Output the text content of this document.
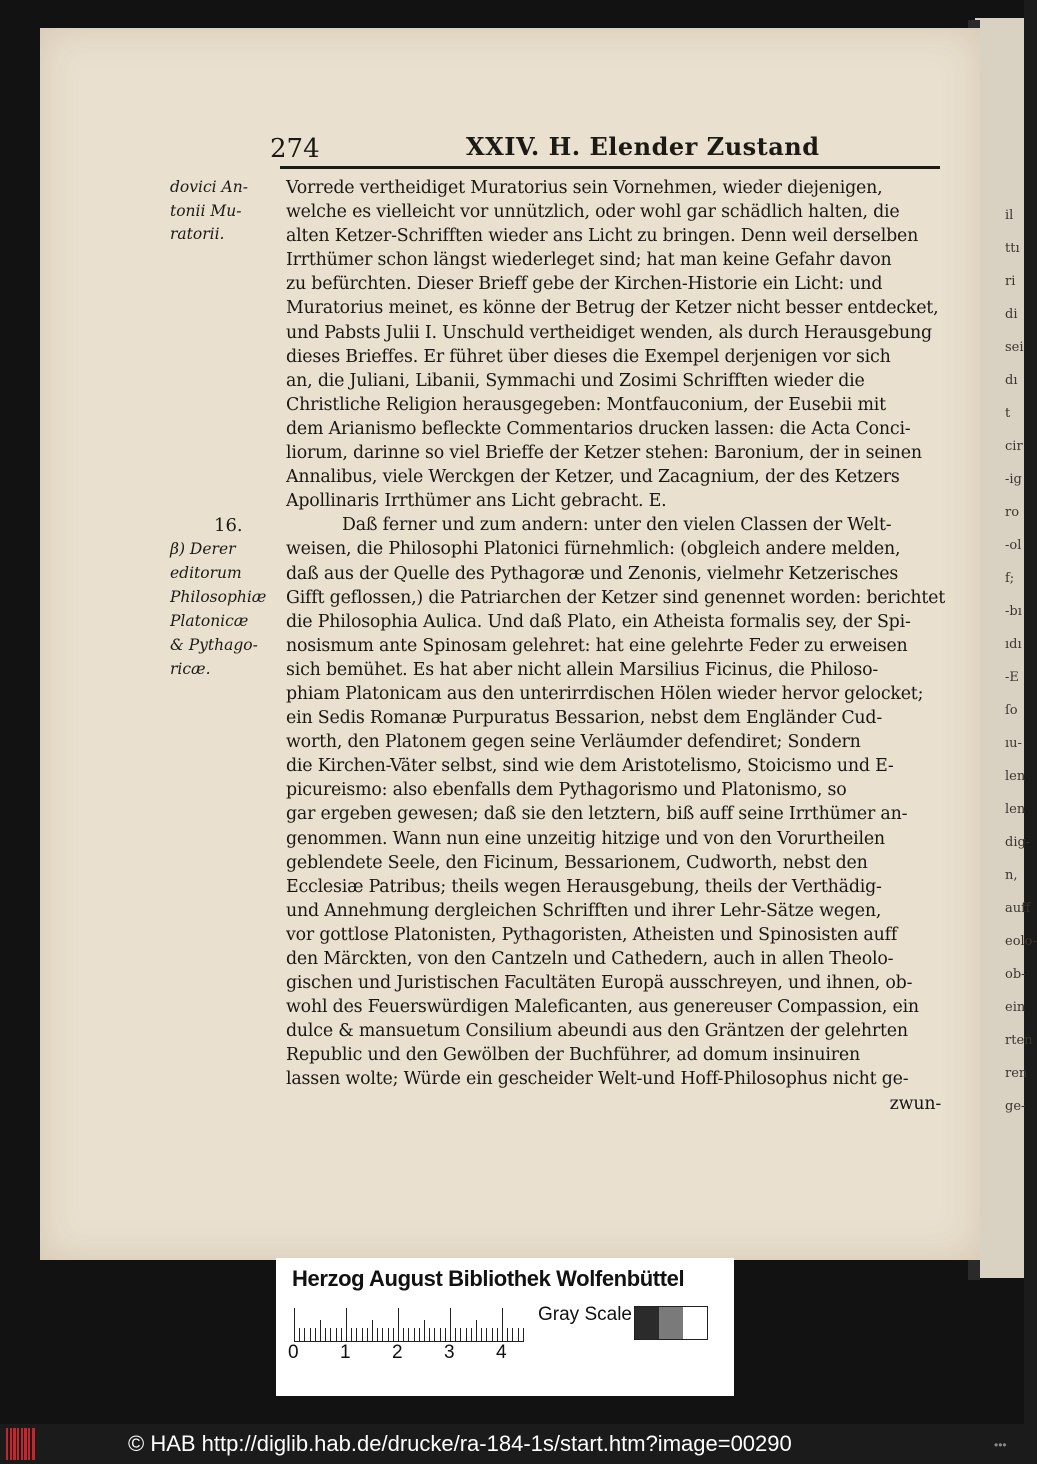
il
ttı
ri
di
sei
dı
t
cir
-ig
ro
-ol
f;
-bı
ıdı
-E
ſo
ıu-
len
len
dig-
n,
auff
eolo-
ob-
ein
rten
ren
ge-
274	XXIV. H. Elender Zustand

dovici An-

tonii Mu-

ratorii.

16.

β) Derer

editorum

Philosophiæ

Platonicæ

& Pythago-

ricæ.

Vorrede vertheidiget Muratorius sein Vornehmen, wieder diejenigen,
welche es vielleicht vor unnützlich, oder wohl gar schädlich halten, die
alten Ketzer-Schrifften wieder ans Licht zu bringen. Denn weil derselben
Irrthümer schon längst wiederleget sind; hat man keine Gefahr davon
zu befürchten. Dieser Brieff gebe der Kirchen-Historie ein Licht: und
Muratorius meinet, es könne der Betrug der Ketzer nicht besser entdecket,
und Pabsts Julii I. Unschuld vertheidiget wenden, als durch Herausgebung
dieses Brieffes. Er führet über dieses die Exempel derjenigen vor sich
an, die Juliani, Libanii, Symmachi und Zosimi Schrifften wieder die
Christliche Religion herausgegeben: Montfauconium, der Eusebii mit
dem Arianismo befleckte Commentarios drucken lassen: die Acta Conci-
liorum, darinne so viel Brieffe der Ketzer stehen: Baronium, der in seinen
Annalibus, viele Werckgen der Ketzer, und Zacagnium, der des Ketzers
Apollinaris Irrthümer ans Licht gebracht. E.
Daß ferner und zum andern: unter den vielen Classen der Welt-
weisen, die Philosophi Platonici fürnehmlich: (obgleich andere melden,
daß aus der Quelle des Pythagoræ und Zenonis, vielmehr Ketzerisches
Gifft geflossen,) die Patriarchen der Ketzer sind genennet worden: berichtet
die Philosophia Aulica. Und daß Plato, ein Atheista formalis sey, der Spi-
nosismum ante Spinosam gelehret: hat eine gelehrte Feder zu erweisen
sich bemühet. Es hat aber nicht allein Marsilius Ficinus, die Philoso-
phiam Platonicam aus den unterirrdischen Hölen wieder hervor gelocket;
ein Sedis Romanæ Purpuratus Bessarion, nebst dem Engländer Cud-
worth, den Platonem gegen seine Verläumder defendiret; Sondern
die Kirchen-Väter selbst, sind wie dem Aristotelismo, Stoicismo und E-
picureismo: also ebenfalls dem Pythagorismo und Platonismo, so
gar ergeben gewesen; daß sie den letztern, biß auff seine Irrthümer an-
genommen. Wann nun eine unzeitig hitzige und von den Vorurtheilen
geblendete Seele, den Ficinum, Bessarionem, Cudworth, nebst den
Ecclesiæ Patribus; theils wegen Herausgebung, theils der Verthädig-
und Annehmung dergleichen Schrifften und ihrer Lehr-Sätze wegen,
vor gottlose Platonisten, Pythagoristen, Atheisten und Spinosisten auff
den Märckten, von den Cantzeln und Cathedern, auch in allen Theolo-
gischen und Juristischen Facultäten Europä ausschreyen, und ihnen, ob-
wohl des Feuerswürdigen Maleficanten, aus genereuser Compassion, ein
dulce & mansuetum Consilium abeundi aus den Gräntzen der gelehrten
Republic und den Gewölben der Buchführer, ad domum insinuiren
lassen wolte; Würde ein gescheider Welt-und Hoff-Philosophus nicht ge-
zwun-
Herzog August Bibliothek Wolfenbüttel
0 1 2 3 4
Gray Scale
© HAB http://diglib.hab.de/drucke/ra-184-1s/start.htm?image=00290	•••
